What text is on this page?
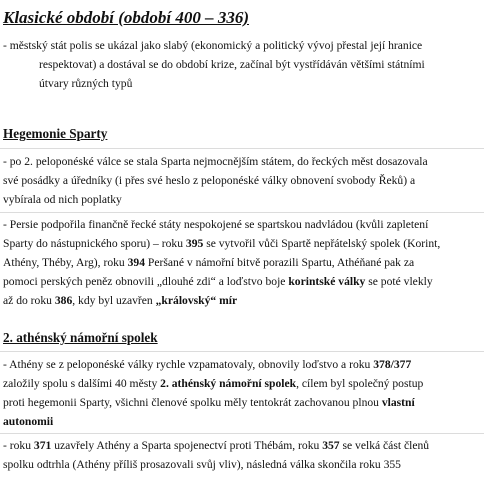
Klasické období (období 400 – 336)
- městský stát polis se ukázal jako slabý (ekonomický a politický vývoj přestal její hranice
respektovat) a dostával se do období krize, začínal být vystřídáván většími státními
útvary různých typů
Hegemonie Sparty
- po 2. peloponéské válce se stala Sparta nejmocnějším státem, do řeckých měst dosazovala
své posádky a úředníky (i přes své heslo z peloponéské války obnovení svobody Řeků) a
vybírala od nich poplatky
- Persie podpořila finančně řecké státy nespokojené se spartskou nadvládou (kvůli zapletení
Sparty do nástupnického sporu) – roku 395 se vytvořil vůči Spartě nepřátelský spolek (Korint,
Athény, Théby, Arg), roku 394 Peršané v námořní bitvě porazili Spartu, Athéňané pak za
pomoci perských peněz obnovili „dlouhé zdi“ a loďstvo boje korintské války se poté vlekly
až do roku 386, kdy byl uzavřen „královský“ mír
2. athénský námořní spolek
- Athény se z peloponéské války rychle vzpamatovaly, obnovily loďstvo a roku 378/377
založily spolu s dalšími 40 městy 2. athénský námořní spolek, cílem byl společný postup
proti hegemonii Sparty, všichni členové spolku měly tentokrát zachovanou plnou vlastní
autonomii
- roku 371 uzavřely Athény a Sparta spojenectví proti Thébám, roku 357 se velká část členů
spolku odtrhla (Athény příliš prosazovali svůj vliv), následná válka skončila roku 355
